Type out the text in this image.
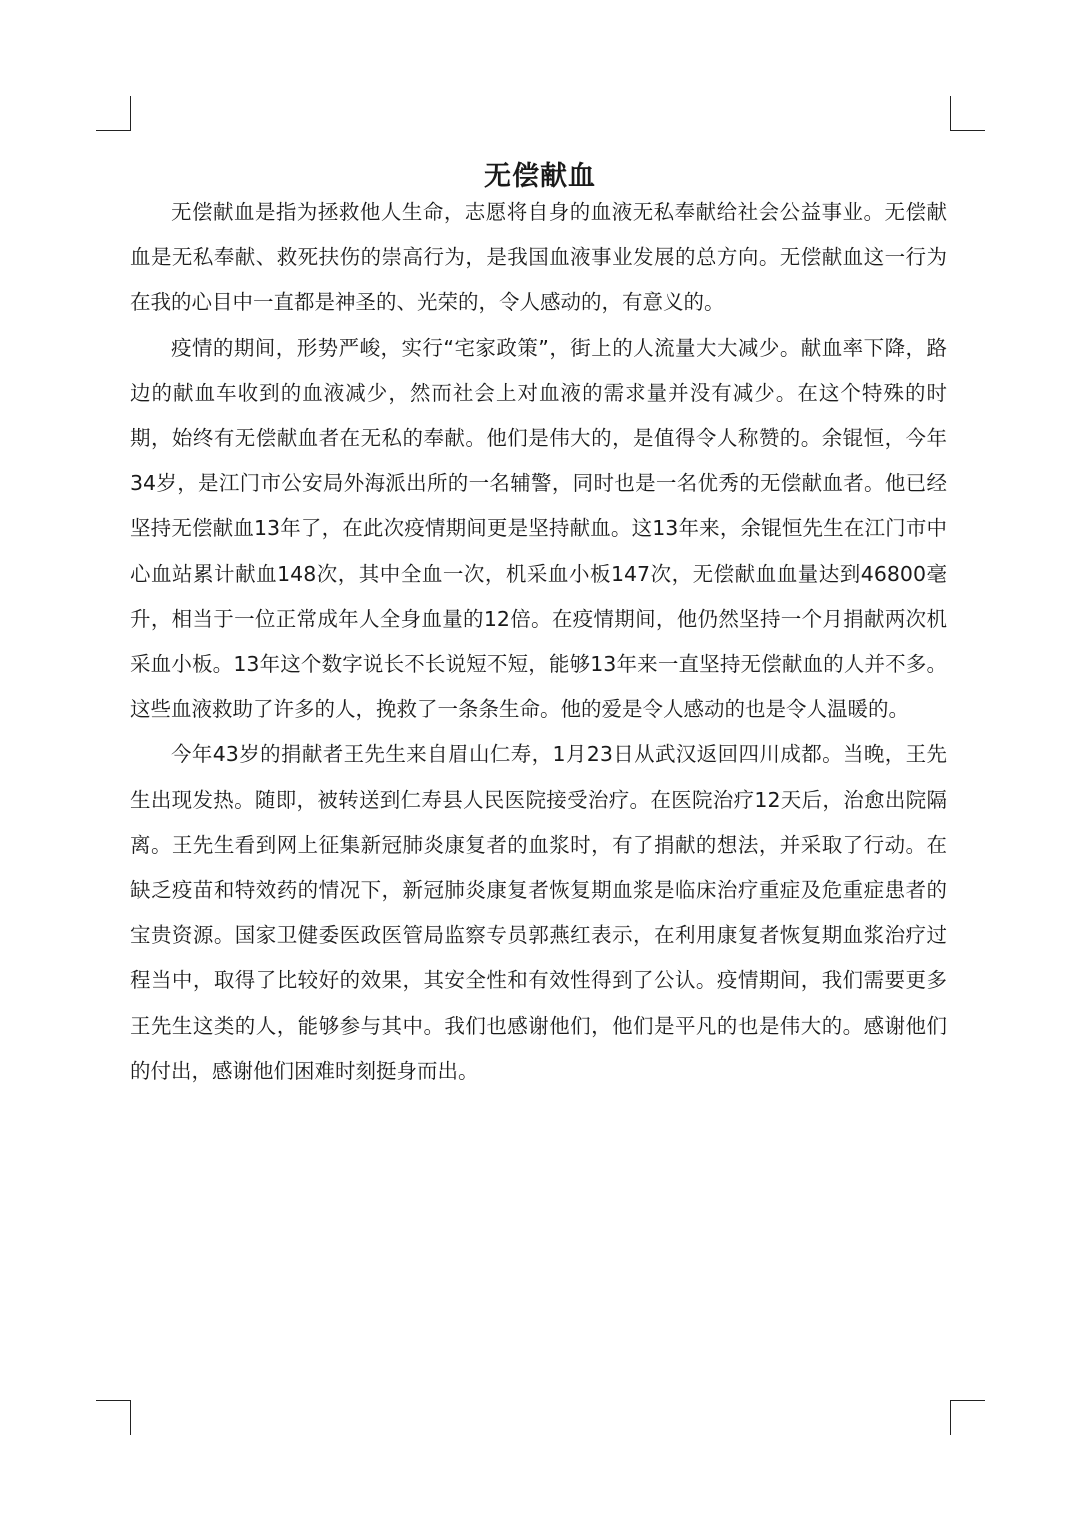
无偿献血

无偿献血是指为拯救他人生命，志愿将自身的血液无私奉献给社会公益事业。无偿献血是无私奉献、救死扶伤的崇高行为，是我国血液事业发展的总方向。无偿献血这一行为在我的心目中一直都是神圣的、光荣的，令人感动的，有意义的。

疫情的期间，形势严峻，实行“宅家政策”，街上的人流量大大减少。献血率下降，路边的献血车收到的血液减少，然而社会上对血液的需求量并没有减少。在这个特殊的时期，始终有无偿献血者在无私的奉献。他们是伟大的，是值得令人称赞的。余锟恒，今年34岁，是江门市公安局外海派出所的一名辅警，同时也是一名优秀的无偿献血者。他已经坚持无偿献血13年了，在此次疫情期间更是坚持献血。这13年来，余锟恒先生在江门市中心血站累计献血148次，其中全血一次，机采血小板147次，无偿献血血量达到46800毫升，相当于一位正常成年人全身血量的12倍。在疫情期间，他仍然坚持一个月捐献两次机采血小板。13年这个数字说长不长说短不短，能够13年来一直坚持无偿献血的人并不多。这些血液救助了许多的人，挽救了一条条生命。他的爱是令人感动的也是令人温暖的。

今年43岁的捐献者王先生来自眉山仁寿，1月23日从武汉返回四川成都。当晚，王先生出现发热。随即，被转送到仁寿县人民医院接受治疗。在医院治疗12天后，治愈出院隔离。王先生看到网上征集新冠肺炎康复者的血浆时，有了捐献的想法，并采取了行动。在缺乏疫苗和特效药的情况下，新冠肺炎康复者恢复期血浆是临床治疗重症及危重症患者的宝贵资源。国家卫健委医政医管局监察专员郭燕红表示，在利用康复者恢复期血浆治疗过程当中，取得了比较好的效果，其安全性和有效性得到了公认。疫情期间，我们需要更多王先生这类的人，能够参与其中。我们也感谢他们，他们是平凡的也是伟大的。感谢他们的付出，感谢他们困难时刻挺身而出。
